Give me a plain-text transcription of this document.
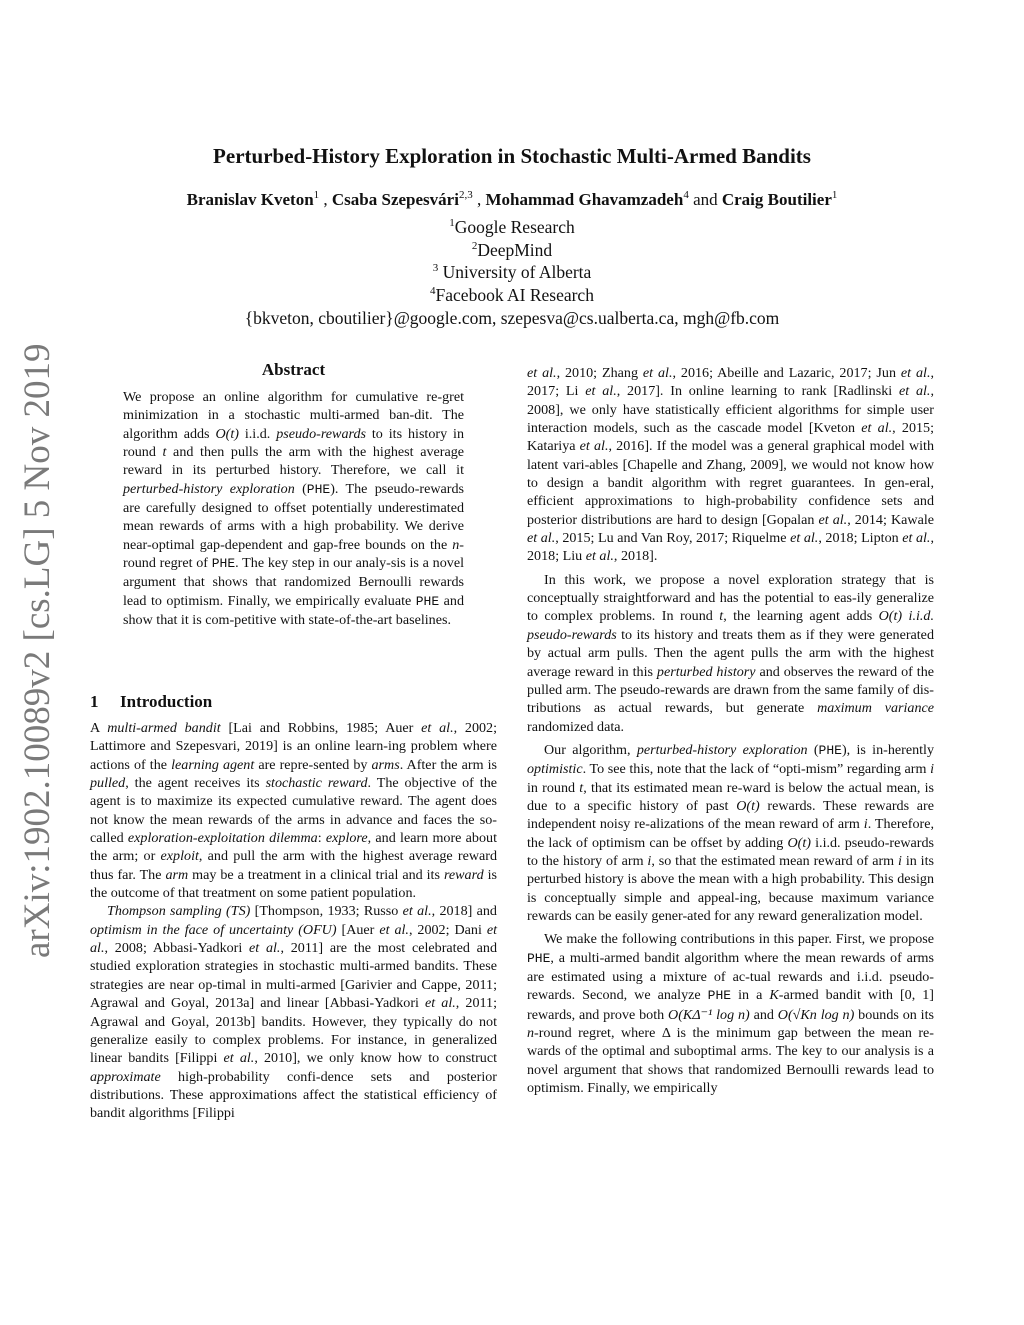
Perturbed-History Exploration in Stochastic Multi-Armed Bandits
Branislav Kveton$^1$ , Csaba Szepesvári$^{2,3}$ , Mohammad Ghavamzadeh$^4$ and Craig Boutilier$^1$
$^1$Google Research
$^2$DeepMind
$^3$ University of Alberta
$^4$Facebook AI Research
{bkveton, cboutilier}@google.com, szepesva@cs.ualberta.ca, mgh@fb.com
arXiv:1902.10089v2 [cs.LG] 5 Nov 2019	Abstract

We propose an online algorithm for cumulative re-gret minimization in a stochastic multi-armed ban-dit. The algorithm adds O(t) i.i.d. pseudo-rewards to its history in round t and then pulls the arm with the highest average reward in its perturbed history. Therefore, we call it perturbed-history exploration (PHE). The pseudo-rewards are carefully designed to offset potentially underestimated mean rewards of arms with a high probability. We derive near-optimal gap-dependent and gap-free bounds on the n-round regret of PHE. The key step in our analy-sis is a novel argument that shows that randomized Bernoulli rewards lead to optimism. Finally, we empirically evaluate PHE and show that it is com-petitive with state-of-the-art baselines.

1 Introduction

A multi-armed bandit [Lai and Robbins, 1985; Auer et al., 2002; Lattimore and Szepesvari, 2019] is an online learn-ing problem where actions of the learning agent are repre-sented by arms. After the arm is pulled, the agent receives its stochastic reward. The objective of the agent is to maximize its expected cumulative reward. The agent does not know the mean rewards of the arms in advance and faces the so-called exploration-exploitation dilemma: explore, and learn more about the arm; or exploit, and pull the arm with the highest average reward thus far. The arm may be a treatment in a clinical trial and its reward is the outcome of that treatment on some patient population.

Thompson sampling (TS) [Thompson, 1933; Russo et al., 2018] and optimism in the face of uncertainty (OFU) [Auer et al., 2002; Dani et al., 2008; Abbasi-Yadkori et al., 2011] are the most celebrated and studied exploration strategies in stochastic multi-armed bandits. These strategies are near op-timal in multi-armed [Garivier and Cappe, 2011; Agrawal and Goyal, 2013a] and linear [Abbasi-Yadkori et al., 2011; Agrawal and Goyal, 2013b] bandits. However, they typically do not generalize easily to complex problems. For instance, in generalized linear bandits [Filippi et al., 2010], we only know how to construct approximate high-probability confi-dence sets and posterior distributions. These approximations affect the statistical efficiency of bandit algorithms [Filippi

et al., 2010; Zhang et al., 2016; Abeille and Lazaric, 2017; Jun et al., 2017; Li et al., 2017]. In online learning to rank [Radlinski et al., 2008], we only have statistically efficient algorithms for simple user interaction models, such as the cascade model [Kveton et al., 2015; Katariya et al., 2016]. If the model was a general graphical model with latent vari-ables [Chapelle and Zhang, 2009], we would not know how to design a bandit algorithm with regret guarantees. In gen-eral, efficient approximations to high-probability confidence sets and posterior distributions are hard to design [Gopalan et al., 2014; Kawale et al., 2015; Lu and Van Roy, 2017; Riquelme et al., 2018; Lipton et al., 2018; Liu et al., 2018].

In this work, we propose a novel exploration strategy that is conceptually straightforward and has the potential to eas-ily generalize to complex problems. In round t, the learning agent adds O(t) i.i.d. pseudo-rewards to its history and treats them as if they were generated by actual arm pulls. Then the agent pulls the arm with the highest average reward in this perturbed history and observes the reward of the pulled arm. The pseudo-rewards are drawn from the same family of dis-tributions as actual rewards, but generate maximum variance randomized data.

Our algorithm, perturbed-history exploration (PHE), is in-herently optimistic. To see this, note that the lack of “opti-mism” regarding arm i in round t, that its estimated mean re-ward is below the actual mean, is due to a specific history of past O(t) rewards. These rewards are independent noisy re-alizations of the mean reward of arm i. Therefore, the lack of optimism can be offset by adding O(t) i.i.d. pseudo-rewards to the history of arm i, so that the estimated mean reward of arm i in its perturbed history is above the mean with a high probability. This design is conceptually simple and appeal-ing, because maximum variance rewards can be easily gener-ated for any reward generalization model.

We make the following contributions in this paper. First, we propose PHE, a multi-armed bandit algorithm where the mean rewards of arms are estimated using a mixture of ac-tual rewards and i.i.d. pseudo-rewards. Second, we analyze PHE in a K-armed bandit with [0, 1] rewards, and prove both O(KΔ⁻¹ log n) and O(√Kn log n) bounds on its n-round regret, where Δ is the minimum gap between the mean re-wards of the optimal and suboptimal arms. The key to our analysis is a novel argument that shows that randomized Bernoulli rewards lead to optimism. Finally, we empirically
